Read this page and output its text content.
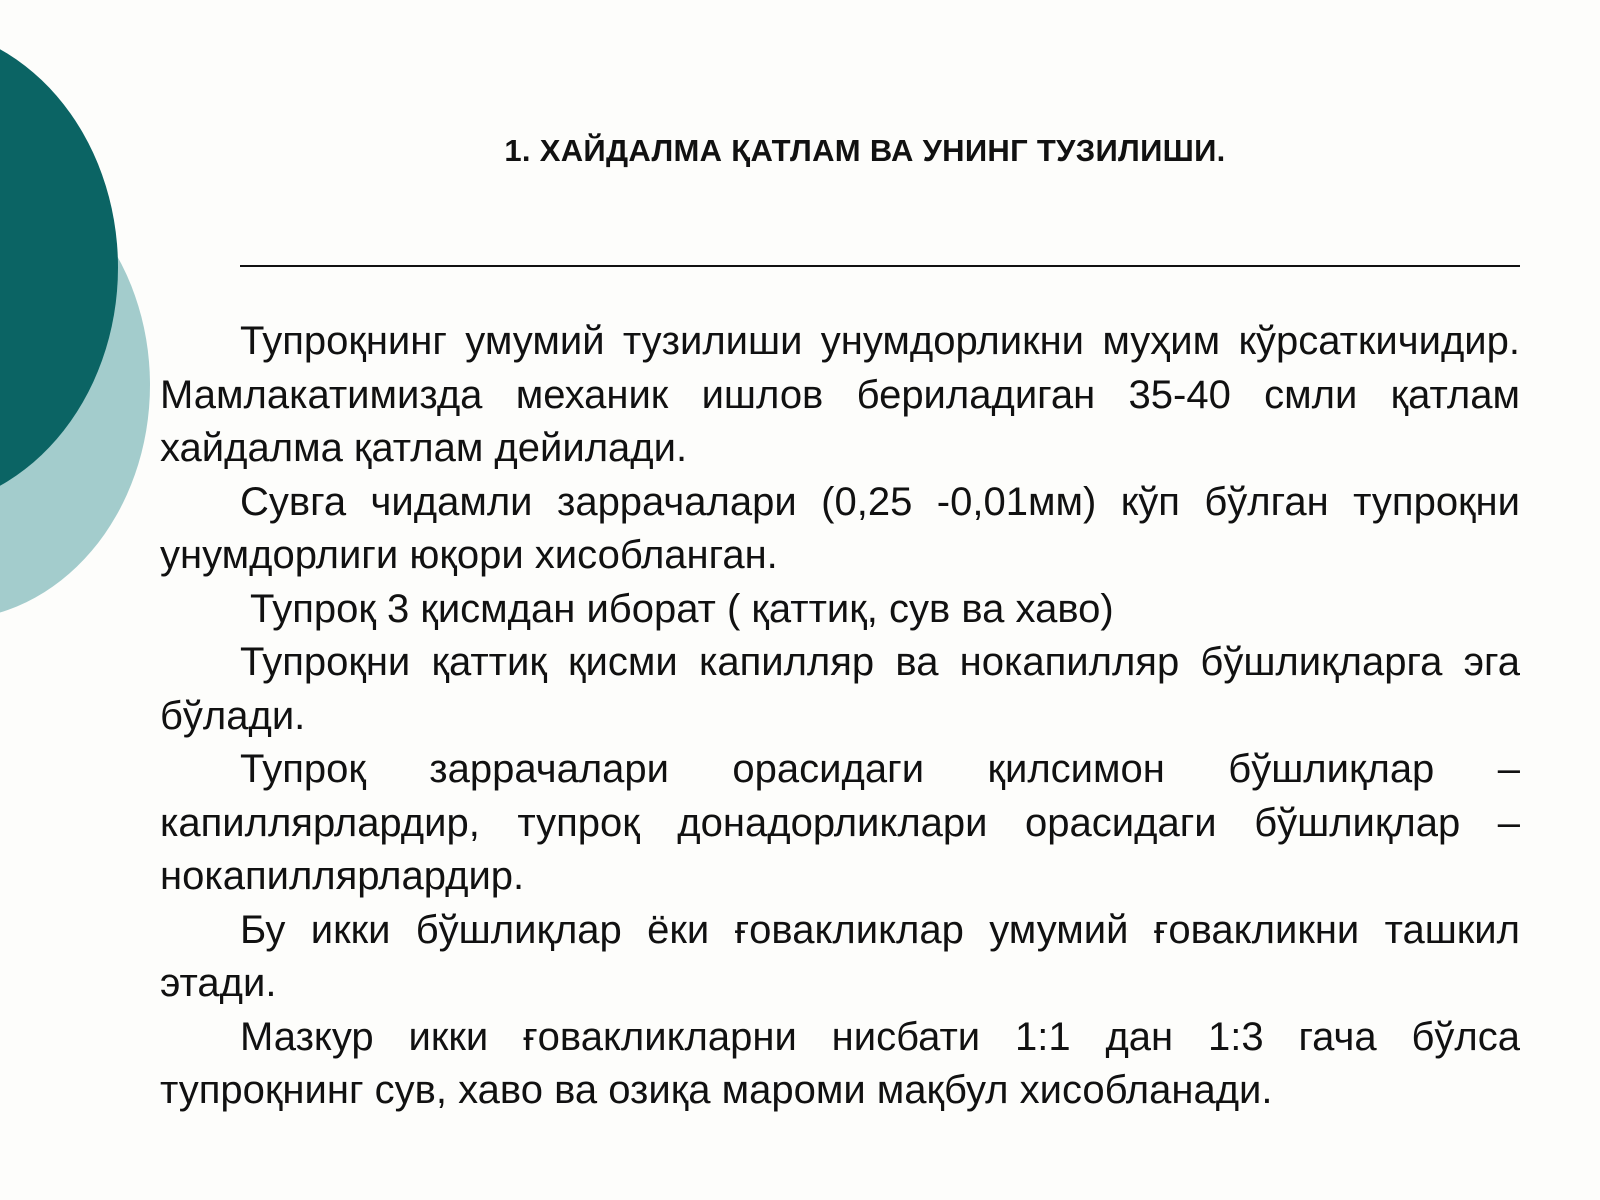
1. ХАЙДАЛМА ҚАТЛАМ ВА УНИНГ ТУЗИЛИШИ.

Тупроқнинг умумий тузилиши унумдорликни муҳим кўрсаткичидир. Мамлакатимизда механик ишлов бериладиган 35-40 смли қатлам хайдалма қатлам дейилади.

Сувга чидамли заррачалари (0,25 -0,01мм) кўп бўлган тупроқни унумдорлиги юқори хисобланган.

Тупроқ 3 қисмдан иборат ( қаттиқ, сув ва хаво)

Тупроқни қаттиқ қисми капилляр ва нокапилляр бўшлиқларга эга бўлади.

Тупроқ заррачалари орасидаги қилсимон бўшлиқлар – капиллярлардир, тупроқ донадорликлари орасидаги бўшлиқлар – нокапиллярлардир.

Бу икки бўшлиқлар ёки ғовакликлар умумий ғовакликни ташкил этади.

Мазкур икки ғовакликларни нисбати 1:1 дан 1:3 гача бўлса тупроқнинг сув, хаво ва озиқа мароми мақбул хисобланади.
